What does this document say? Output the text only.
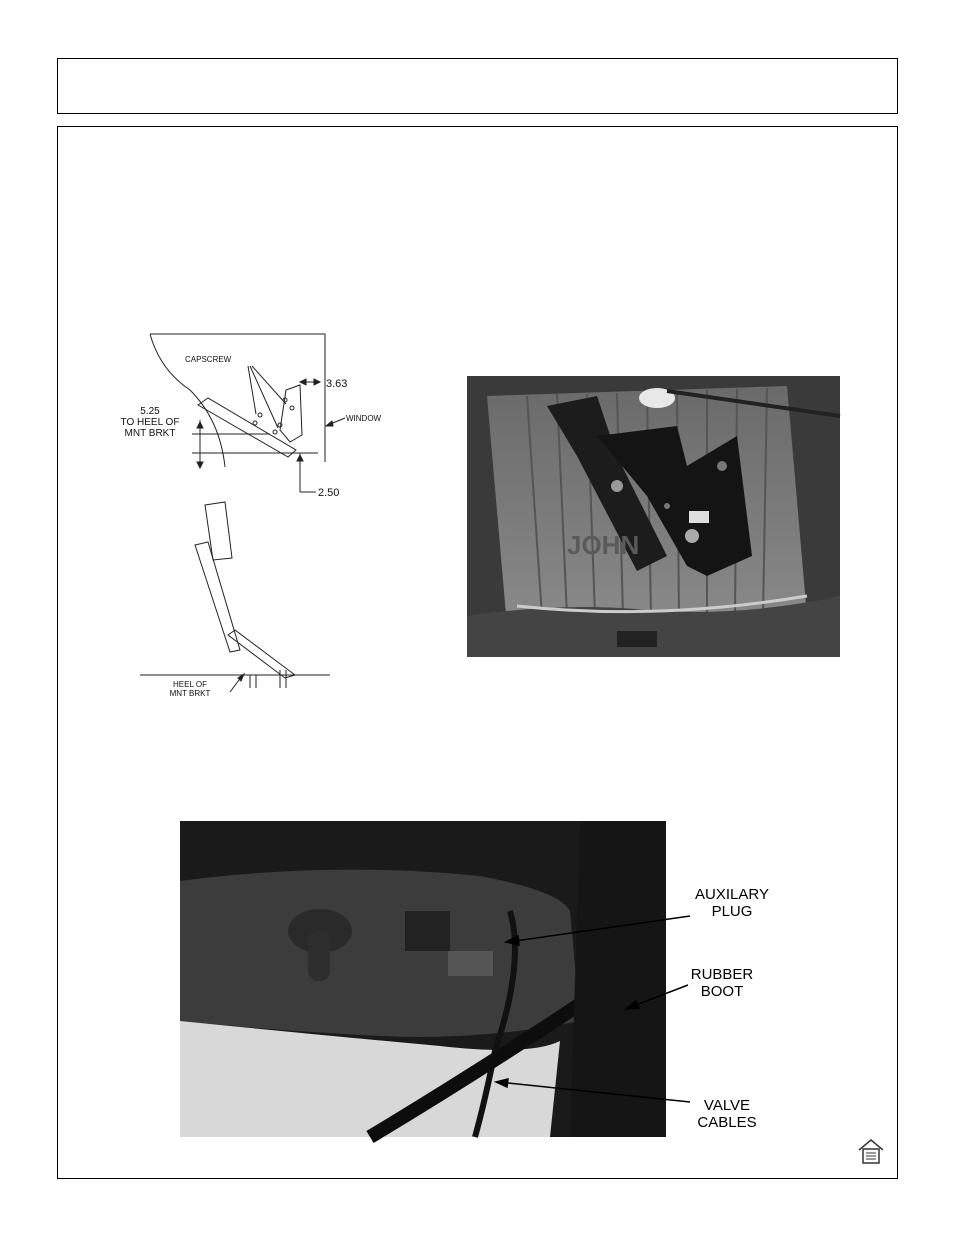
CAPSCREW
3.63
5.25
TO HEEL OF
MNT BRKT
WINDOW
2.50
HEEL OF
MNT BRKT
JOHN
AUXILARY
PLUG
RUBBER
BOOT
VALVE
CABLES
